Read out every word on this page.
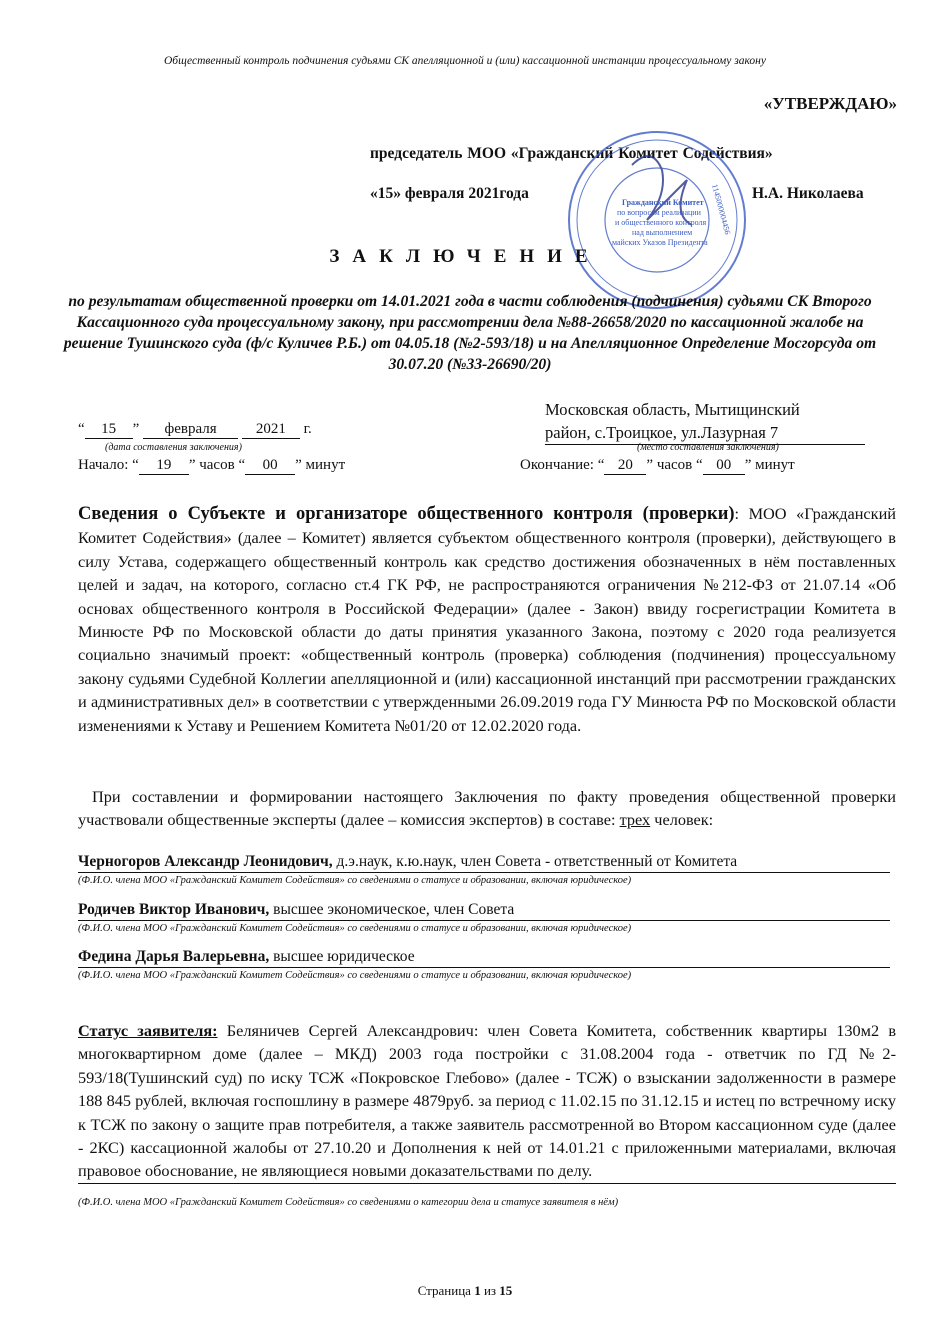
Общественный контроль подчинения судьями СК апелляционной и (или) кассационной инстанции процессуальному закону
«УТВЕРЖДАЮ»
председатель МОО «Гражданский Комитет Содействия»
Гражданский Комитет
по вопросам реализации
и общественного контроля
над выполнением
майских Указов Президента
1145000004456
«15» февраля 2021года	Н.А. Николаева
ЗАКЛЮЧЕНИЕ
по результатам общественной проверки от 14.01.2021 года в части соблюдения (подчинения) судьями СК Второго Кассационного суда процессуальному закону, при рассмотрении дела №88-26658/2020 по кассационной жалобе на решение Тушинского суда (ф/с Куличев Р.Б.) от 04.05.18 (№2-593/18) и на Апелляционное Определение Мосгорсуда от 30.07.20 (№33-26690/20)
Московская область, Мытищинский
район, с.Троицкое, ул.Лазурная 7
“ 15 ” февраля	2021 г.
(дата составления заключения)	(место составления заключения)
Начало: “ 19 ” часов “ 00 ” минут	Окончание: “ 20 ” часов “ 00 ” минут
Сведения о Субъекте и организаторе общественного контроля (проверки): МОО «Гражданский Комитет Содействия» (далее – Комитет) является субъектом общественного контроля (проверки), действующего в силу Устава, содержащего общественный контроль как средство достижения обозначенных в нём поставленных целей и задач, на которого, согласно ст.4 ГК РФ, не распространяются ограничения №212-ФЗ от 21.07.14 «Об основах общественного контроля в Российской Федерации» (далее - Закон) ввиду госрегистрации Комитета в Минюсте РФ по Московской области до даты принятия указанного Закона, поэтому с 2020 года реализуется социально значимый проект: «общественный контроль (проверка) соблюдения (подчинения) процессуальному закону судьями Судебной Коллегии апелляционной и (или) кассационной инстанций при рассмотрении гражданских и административных дел» в соответствии с утвержденными 26.09.2019 года ГУ Минюста РФ по Московской области изменениями к Уставу и Решением Комитета №01/20 от 12.02.2020 года.
При составлении и формировании настоящего Заключения по факту проведения общественной проверки участвовали общественные эксперты (далее – комиссия экспертов) в составе: трех человек:
Черногоров Александр Леонидович, д.э.наук, к.ю.наук, член Совета - ответственный от Комитета
(Ф.И.О. члена МОО «Гражданский Комитет Содействия» со сведениями о статусе и образовании, включая юридическое)
Родичев Виктор Иванович, высшее экономическое, член Совета
(Ф.И.О. члена МОО «Гражданский Комитет Содействия» со сведениями о статусе и образовании, включая юридическое)
Федина Дарья Валерьевна, высшее юридическое
(Ф.И.О. члена МОО «Гражданский Комитет Содействия» со сведениями о статусе и образовании, включая юридическое)
Статус заявителя: Беляничев Сергей Александрович: член Совета Комитета, собственник квартиры 130м2 в многоквартирном доме (далее – МКД) 2003 года постройки с 31.08.2004 года - ответчик по ГД №2-593/18(Тушинский суд) по иску ТСЖ «Покровское Глебово» (далее - ТСЖ) о взыскании задолженности в размере 188 845 рублей, включая госпошлину в размере 4879руб. за период с 11.02.15 по 31.12.15 и истец по встречному иску к ТСЖ по закону о защите прав потребителя, а также заявитель рассмотренной во Втором кассационном суде (далее - 2КС) кассационной жалобы от 27.10.20 и Дополнения к ней от 14.01.21 с приложенными материалами, включая правовое обоснование, не являющиеся новыми доказательствами по делу.
(Ф.И.О. члена МОО «Гражданский Комитет Содействия» со сведениями о категории дела и статусе заявителя в нём)
Страница 1 из 15
